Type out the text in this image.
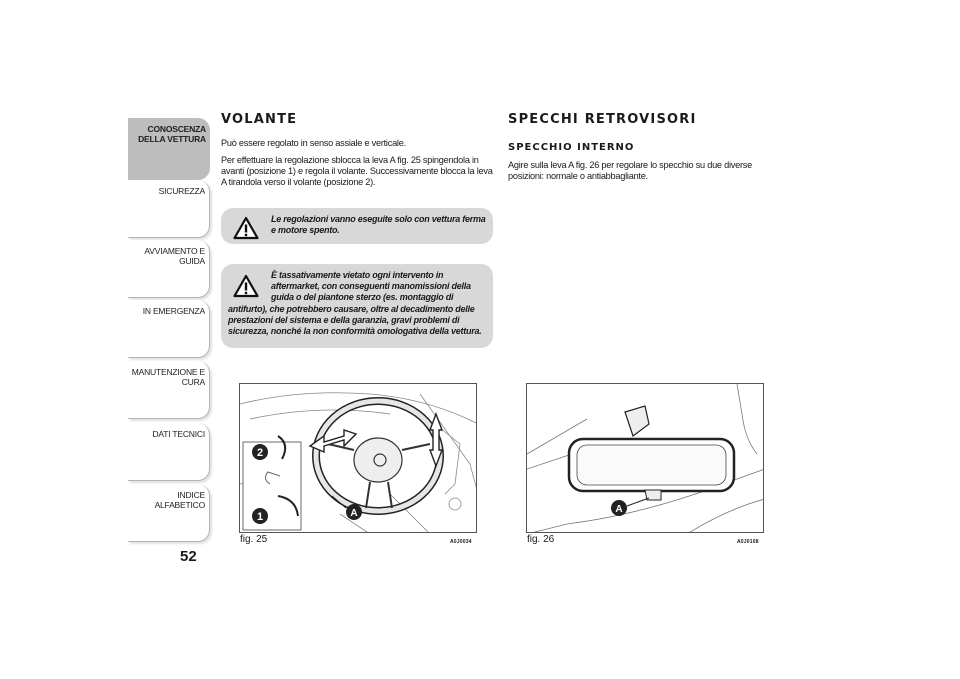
CONOSCENZA
DELLA VETTURA
SICUREZZA
AVVIAMENTO E
GUIDA
IN EMERGENZA
MANUTENZIONE E
CURA
DATI TECNICI
INDICE ALFABETICO
52
VOLANTE
Può essere regolato in senso assiale e verticale.
Per effettuare la regolazione sblocca la leva A fig. 25 spingendola in avanti (posizione 1) e regola il volante. Successivamente blocca la leva A tirandola verso il volante (posizione 2).
Le regolazioni vanno eseguite solo con vettura ferma e motore spento.
È tassativamente vietato ogni intervento in aftermarket, con conseguenti manomissioni della guida o del piantone sterzo (es. montaggio di
antifurto), che potrebbero causare, oltre al decadimento delle prestazioni del sistema e della garanzia, gravi problemi di sicurezza, nonché la non conformità omologativa della vettura.
2
1	A
fig. 25	A0J0034
SPECCHI RETROVISORI
SPECCHIO INTERNO
Agire sulla leva A fig. 26 per regolare lo specchio su due diverse posizioni: normale o antiabbagliante.
A
fig. 26	A0J0108
